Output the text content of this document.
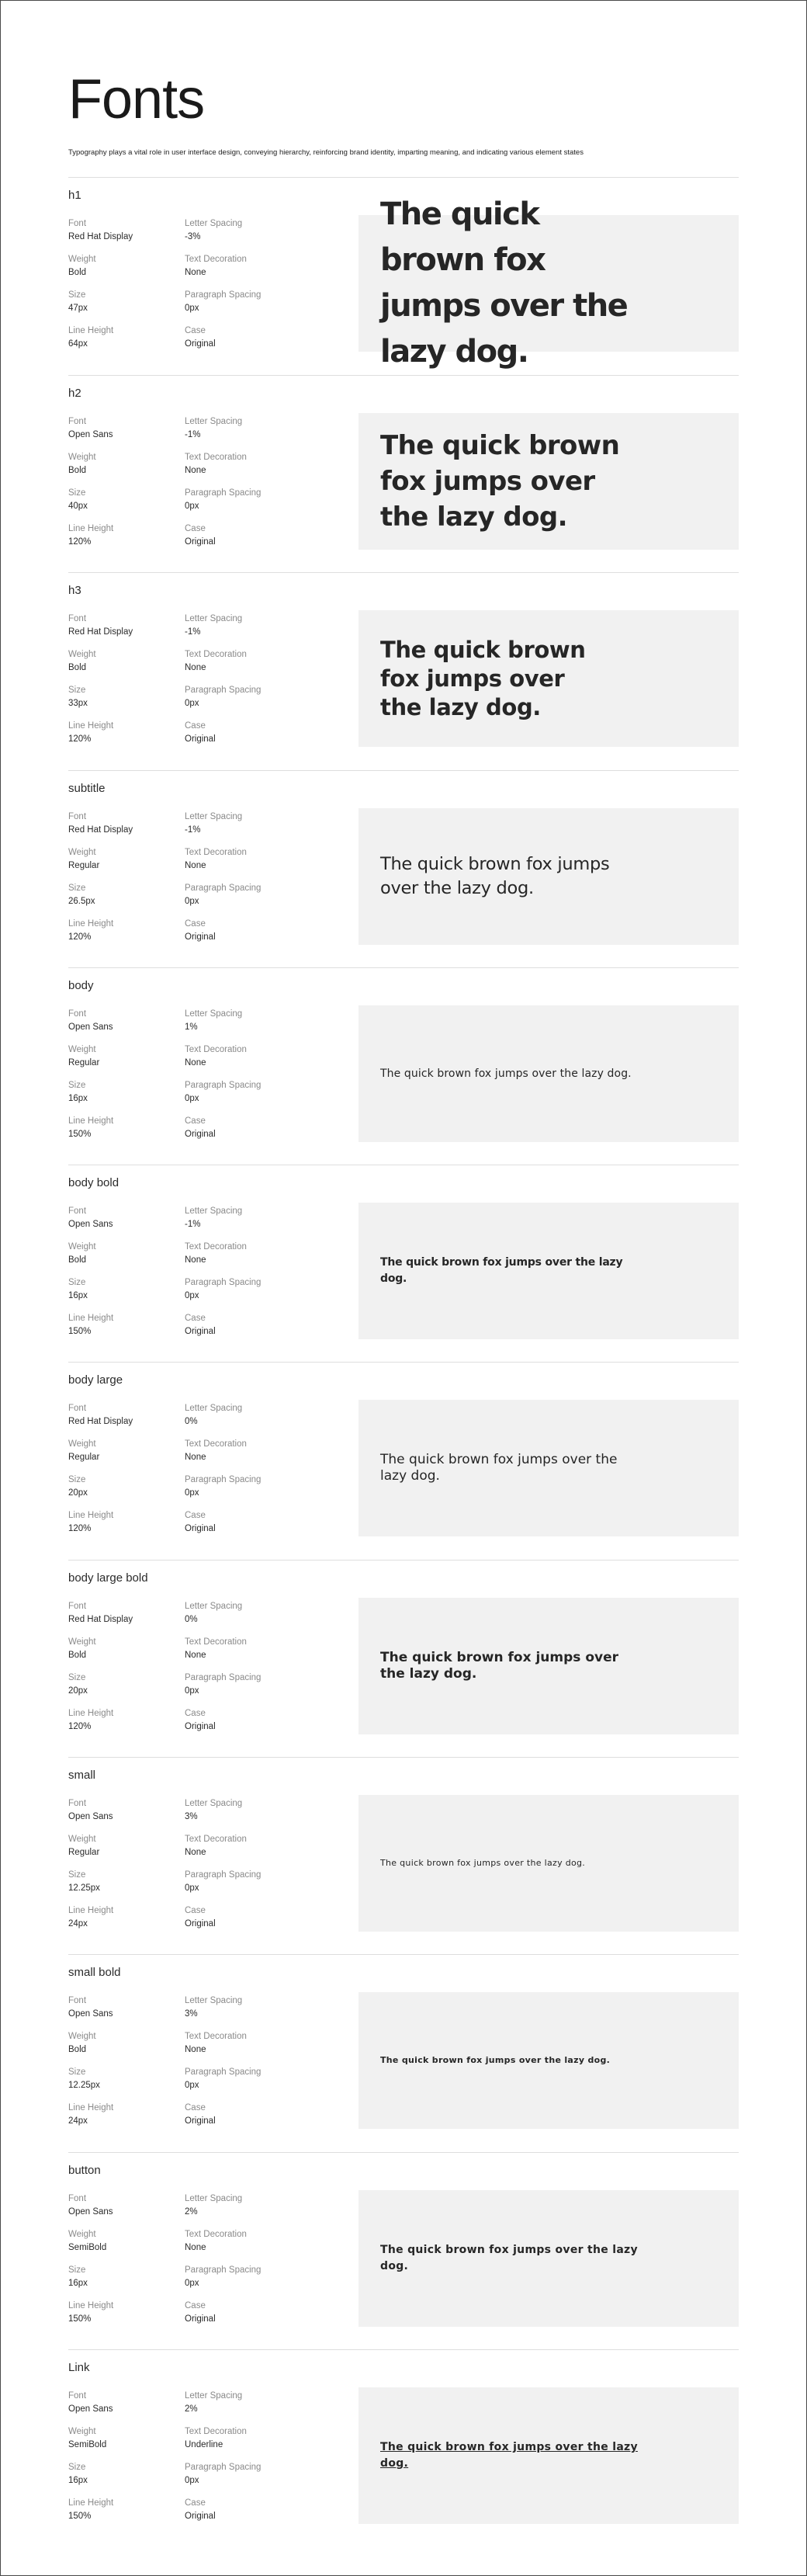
Fonts

Typography plays a vital role in user interface design, conveying hierarchy, reinforcing brand identity, imparting meaning, and indicating various element states

h1
Font
Red Hat Display
Weight
Bold
Size
47px
Line Height
64px
Letter Spacing
-3%
Text Decoration
None
Paragraph Spacing
0px
Case
Original
The quick brown fox jumps over the lazy dog.
h2
Font
Open Sans
Weight
Bold
Size
40px
Line Height
120%
Letter Spacing
-1%
Text Decoration
None
Paragraph Spacing
0px
Case
Original
The quick brown fox jumps over the lazy dog.
h3
Font
Red Hat Display
Weight
Bold
Size
33px
Line Height
120%
Letter Spacing
-1%
Text Decoration
None
Paragraph Spacing
0px
Case
Original
The quick brown fox jumps over the lazy dog.
subtitle
Font
Red Hat Display
Weight
Regular
Size
26.5px
Line Height
120%
Letter Spacing
-1%
Text Decoration
None
Paragraph Spacing
0px
Case
Original
The quick brown fox jumps over the lazy dog.
body
Font
Open Sans
Weight
Regular
Size
16px
Line Height
150%
Letter Spacing
1%
Text Decoration
None
Paragraph Spacing
0px
Case
Original
The quick brown fox jumps over the lazy dog.
body bold
Font
Open Sans
Weight
Bold
Size
16px
Line Height
150%
Letter Spacing
-1%
Text Decoration
None
Paragraph Spacing
0px
Case
Original
The quick brown fox jumps over the lazy dog.
body large
Font
Red Hat Display
Weight
Regular
Size
20px
Line Height
120%
Letter Spacing
0%
Text Decoration
None
Paragraph Spacing
0px
Case
Original
The quick brown fox jumps over the lazy dog.
body large bold
Font
Red Hat Display
Weight
Bold
Size
20px
Line Height
120%
Letter Spacing
0%
Text Decoration
None
Paragraph Spacing
0px
Case
Original
The quick brown fox jumps over the lazy dog.
small
Font
Open Sans
Weight
Regular
Size
12.25px
Line Height
24px
Letter Spacing
3%
Text Decoration
None
Paragraph Spacing
0px
Case
Original
The quick brown fox jumps over the lazy dog.
small bold
Font
Open Sans
Weight
Bold
Size
12.25px
Line Height
24px
Letter Spacing
3%
Text Decoration
None
Paragraph Spacing
0px
Case
Original
The quick brown fox jumps over the lazy dog.
button
Font
Open Sans
Weight
SemiBold
Size
16px
Line Height
150%
Letter Spacing
2%
Text Decoration
None
Paragraph Spacing
0px
Case
Original
The quick brown fox jumps over the lazy dog.
Link
Font
Open Sans
Weight
SemiBold
Size
16px
Line Height
150%
Letter Spacing
2%
Text Decoration
Underline
Paragraph Spacing
0px
Case
Original
The quick brown fox jumps over the lazy dog.
